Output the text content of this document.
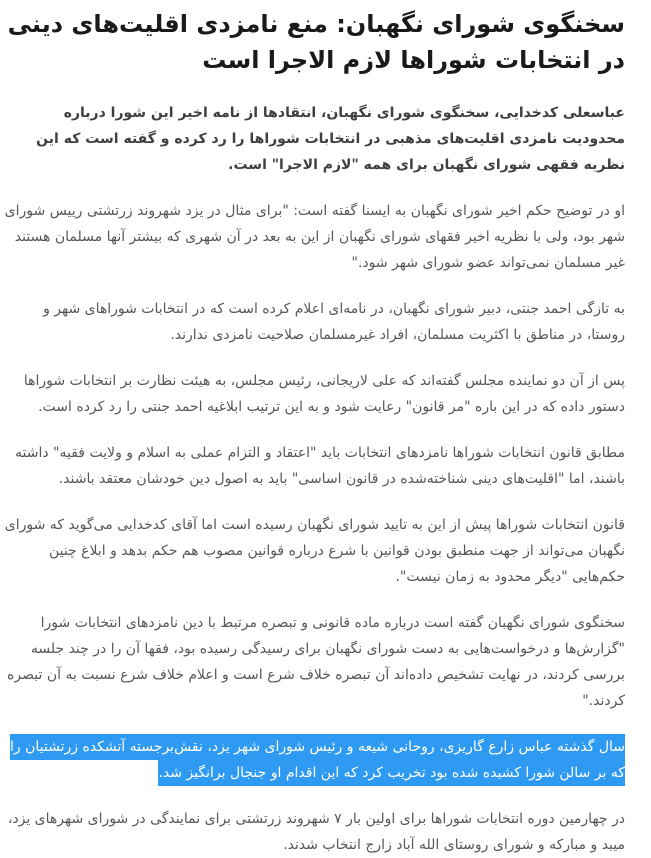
سخنگوی شورای نگهبان: منع نامزدی اقلیت‌های دینی در انتخابات شوراها لازم الاجرا است

عباسعلی کدخدایی، سخنگوی شورای نگهبان، انتقادها از نامه اخیر این شورا درباره محدودیت نامزدی اقلیت‌های مذهبی در انتخابات شوراها را رد کرده و گفته است که این نظریه فقهی شورای نگهبان برای همه "لازم الاجرا" است.

او در توضیح حکم اخیر شورای نگهبان به ایسنا گفته است: "برای مثال در یزد شهروند زرتشتی رییس شورای شهر بود، ولی با نظریه اخیر فقهای شورای نگهبان از این به بعد در آن شهری که بیشتر آنها مسلمان هستند غیر مسلمان نمی‌تواند عضو شورای شهر شود."

به تازگی احمد جنتی، دبیر شورای نگهبان، در نامه‌ای اعلام کرده است که در انتخابات شوراهای شهر و روستا، در مناطق با اکثریت مسلمان، افراد غیرمسلمان صلاحیت نامزدی ندارند.

پس از آن دو نماینده مجلس گفته‌اند که علی لاریجانی، رئیس مجلس، به هیئت نظارت بر انتخابات شوراها دستور داده که در این باره "مر قانون" رعایت شود و به این ترتیب ابلاغیه احمد جنتی را رد کرده است.

مطابق قانون انتخابات شوراها نامزدهای انتخابات باید "اعتقاد و التزام عملی به اسلام و ولایت فقیه" داشته باشند، اما "اقلیت‌های دینی شناخته‌شده در قانون اساسی" باید به اصول دین خودشان معتقد باشند.

قانون انتخابات شوراها پیش از این به تایید شورای نگهبان رسیده است اما آقای کدخدایی می‌گوید که شورای نگهبان می‌تواند از جهت منطبق بودن قوانین با شرع درباره قوانین مصوب هم حکم بدهد و ابلاغ چنین حکم‌هایی "دیگر محدود به زمان نیست".

سخنگوی شورای نگهبان گفته است درباره ماده قانونی و تبصره مرتبط با دین نامزدهای انتخابات شورا "گزارش‌ها و درخواست‌هایی به دست شورای نگهبان برای رسیدگی رسیده بود، فقها آن را در چند جلسه بررسی کردند، در نهایت تشخیص داده‌اند آن تبصره خلاف شرع است و اعلام خلاف شرع نسبت به آن تبصره کردند."

سال گذشته عباس زارع گاریزی، روحانی شیعه و رئیس شورای شهر یزد، نقش‌برجسته آتشکده زرتشتیان را که بر سالن شورا کشیده شده بود تخریب کرد که این اقدام او جنجال برانگیز شد.

در چهارمین دوره انتخابات شوراها برای اولین بار ۷ شهروند زرتشتی برای نمایندگی در شورای شهرهای یزد، میبد و مبارکه و شورای روستای الله آباد زارج انتخاب شدند.
